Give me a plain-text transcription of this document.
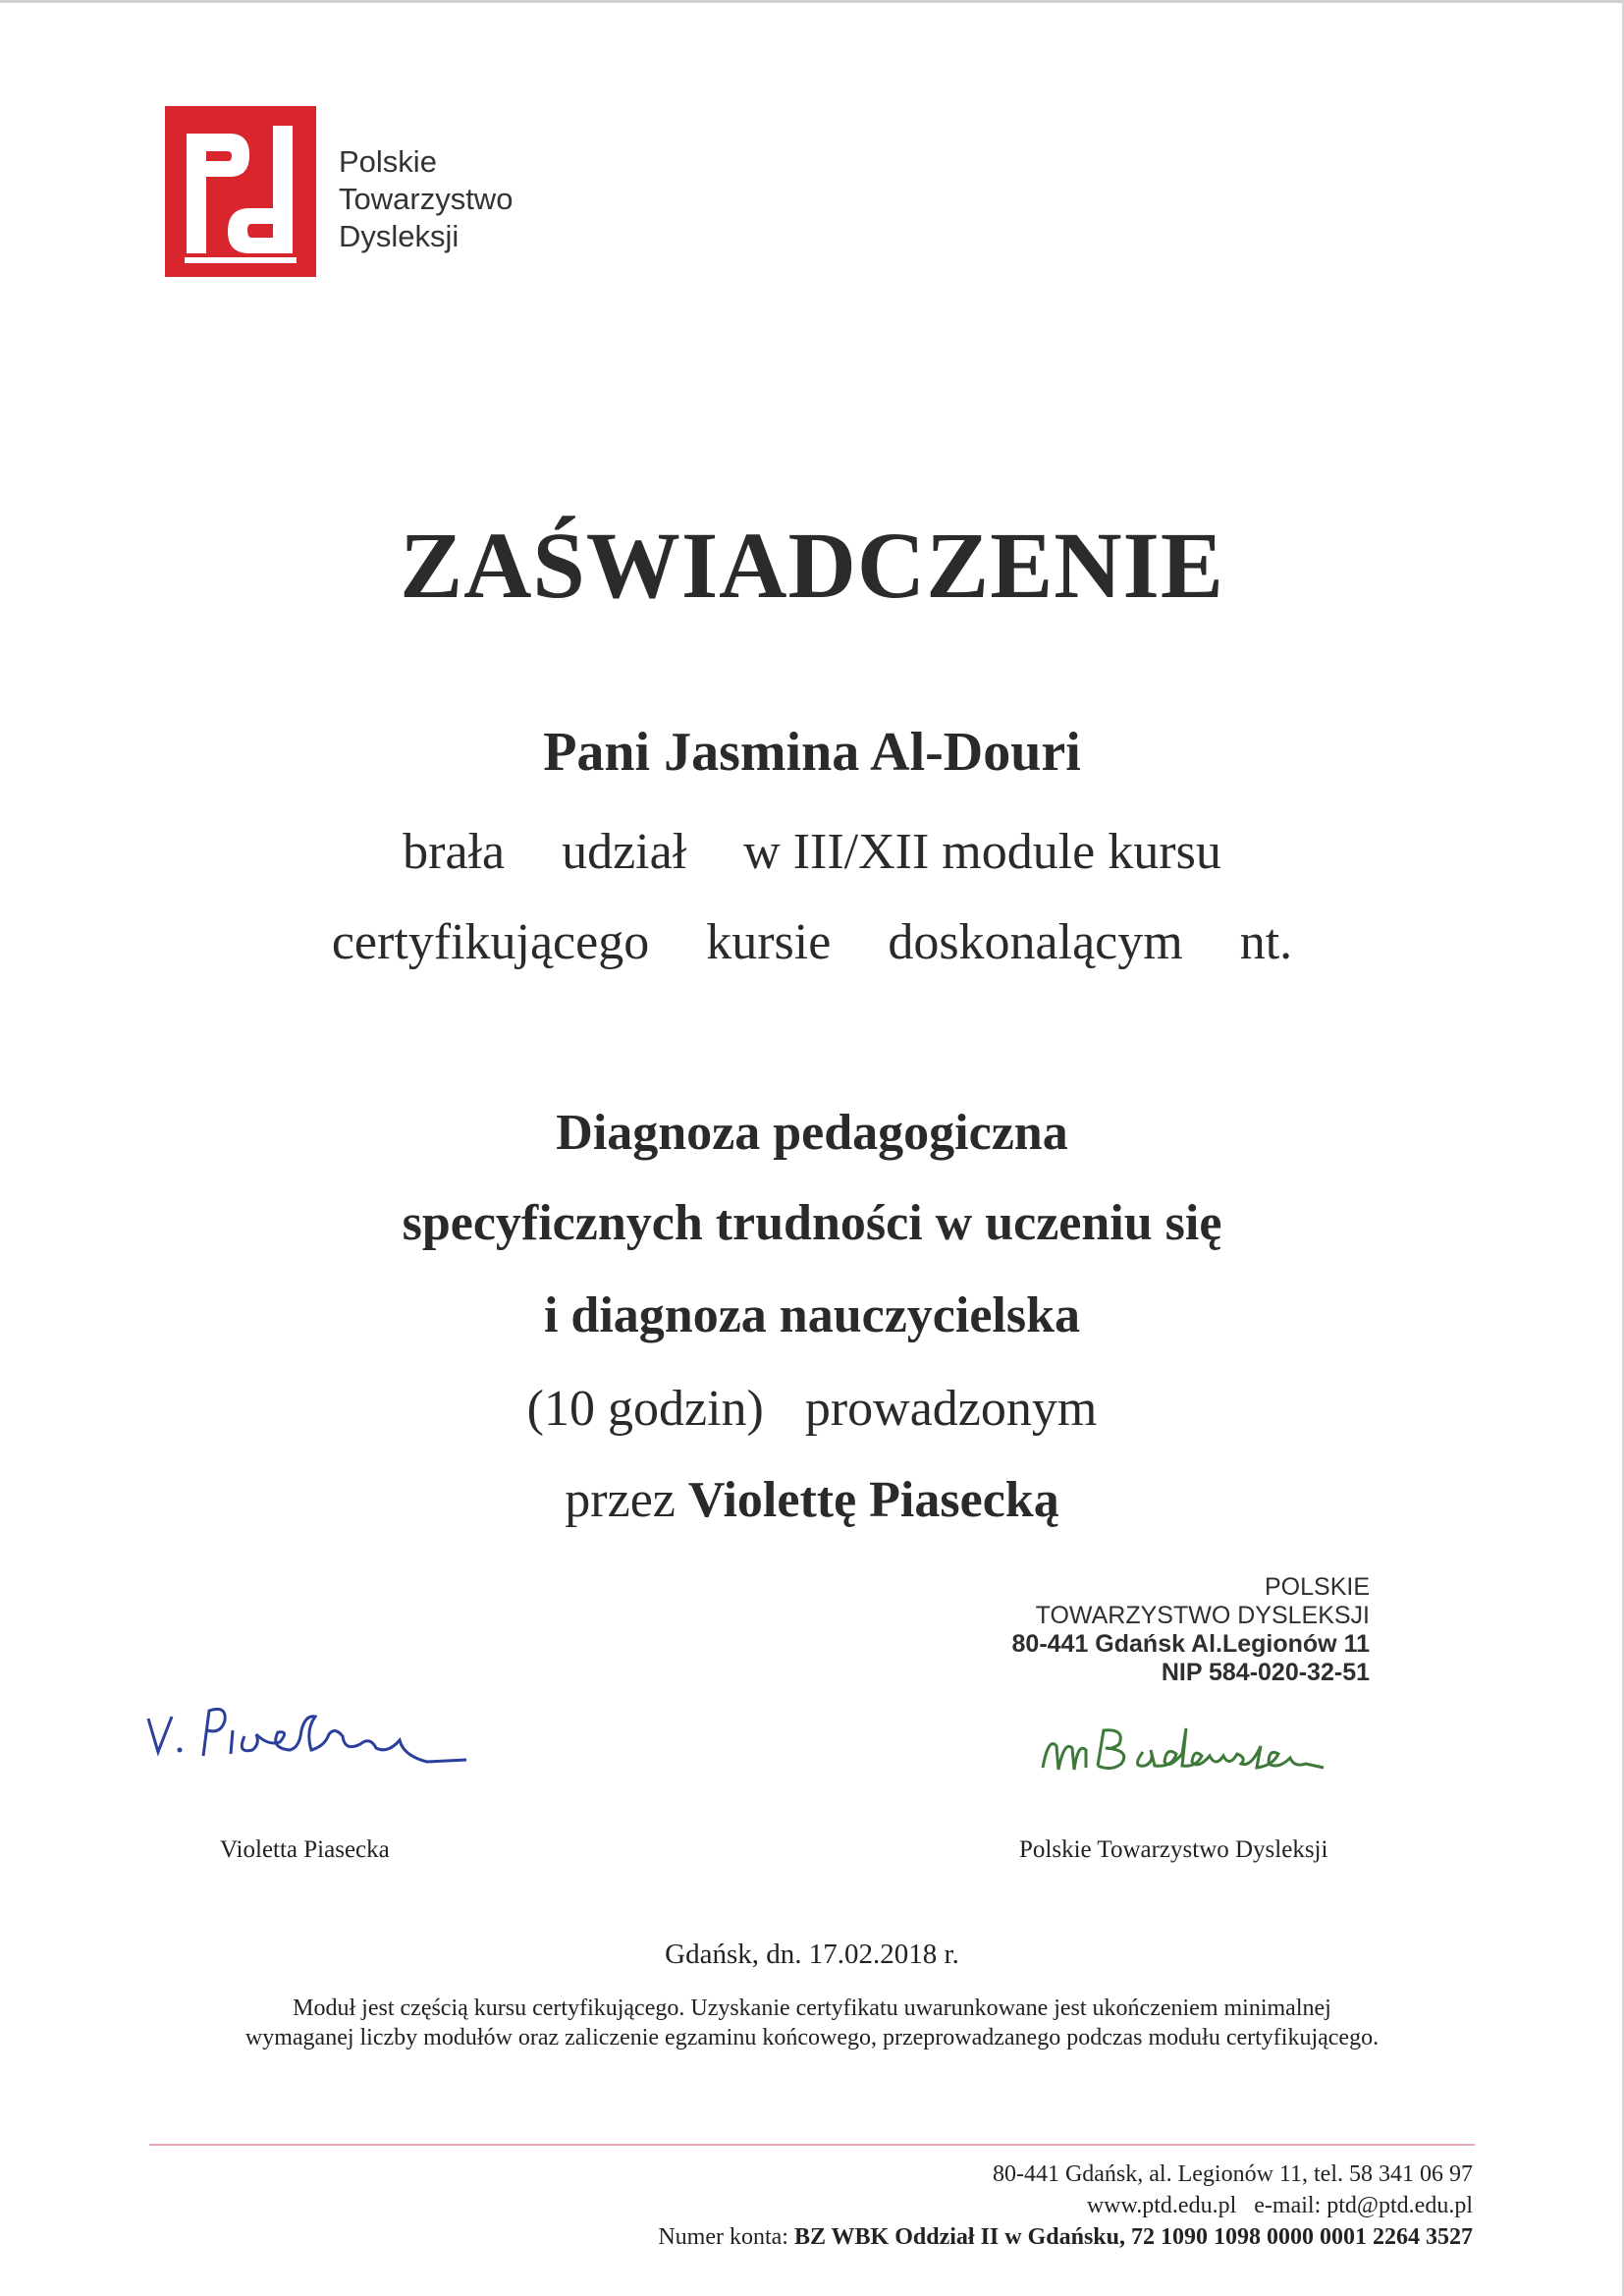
Polskie
Towarzystwo
Dysleksji
ZAŚWIADCZENIE
Pani Jasmina Al-Douri
brała udział w III/XII module kursu
certyfikującego kursie doskonalącym nt.
Diagnoza pedagogiczna
specyficznych trudności w uczeniu się
i diagnoza nauczycielska
(10 godzin) prowadzonym
przez Violettę Piasecką
POLSKIE
TOWARZYSTWO DYSLEKSJI
80-441 Gdańsk Al.Legionów 11
NIP 584-020-32-51
Violetta Piasecka	Polskie Towarzystwo Dysleksji
Gdańsk, dn. 17.02.2018 r.
Moduł jest częścią kursu certyfikującego. Uzyskanie certyfikatu uwarunkowane jest ukończeniem minimalnej
wymaganej liczby modułów oraz zaliczenie egzaminu końcowego, przeprowadzanego podczas modułu certyfikującego.
80-441 Gdańsk, al. Legionów 11, tel. 58 341 06 97
www.ptd.edu.pl e-mail: ptd@ptd.edu.pl
Numer konta: BZ WBK Oddział II w Gdańsku, 72 1090 1098 0000 0001 2264 3527
